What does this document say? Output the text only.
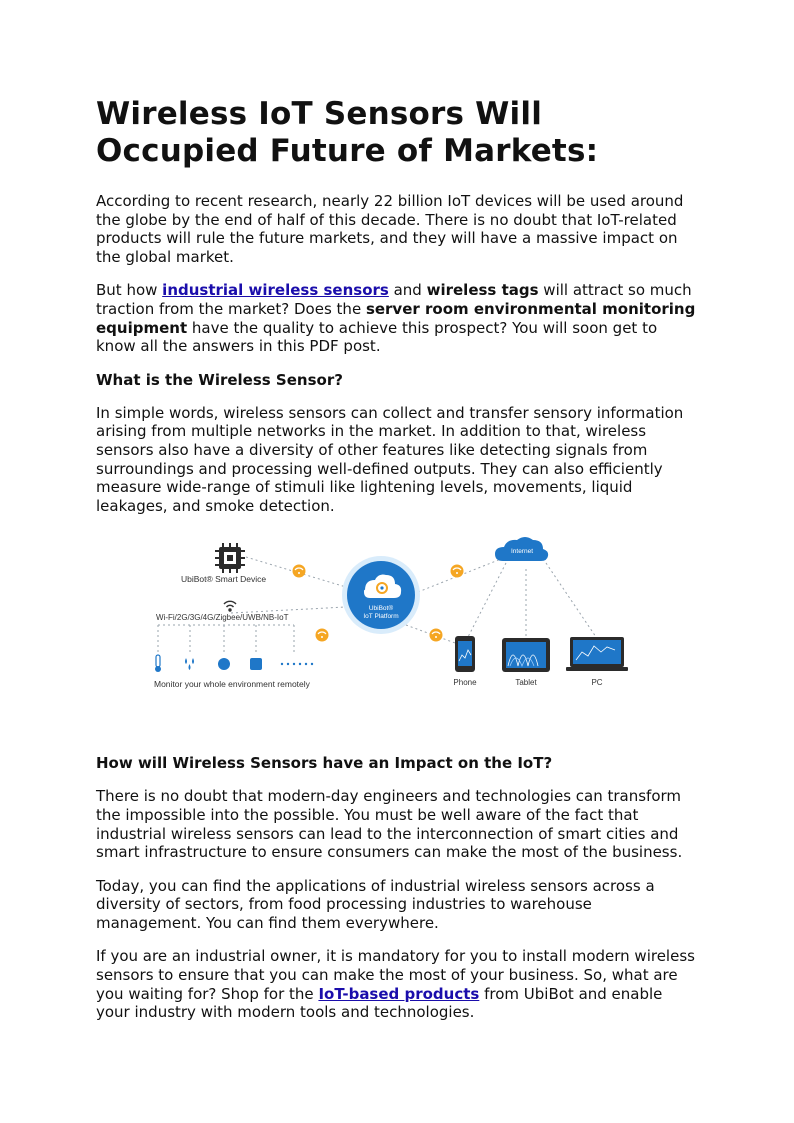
Wireless IoT Sensors Will Occupied Future of Markets:

According to recent research, nearly 22 billion IoT devices will be used around the globe by the end of half of this decade. There is no doubt that IoT-related products will rule the future markets, and they will have a massive impact on the global market.

But how industrial wireless sensors and wireless tags will attract so much traction from the market? Does the server room environmental monitoring equipment have the quality to achieve this prospect? You will soon get to know all the answers in this PDF post.

What is the Wireless Sensor?

In simple words, wireless sensors can collect and transfer sensory information arising from multiple networks in the market. In addition to that, wireless sensors also have a diversity of other features like detecting signals from surroundings and processing well-defined outputs. They can also efficiently measure wide-range of stimuli like lightening levels, movements, liquid leakages, and smoke detection.

UbiBot® Smart Device
Wi-Fi/2G/3G/4G/Zigbee/UWB/NB-IoT
Monitor your whole environment remotely
UbiBot®
IoT Platform
Internet
Phone	Tablet	PC
How will Wireless Sensors have an Impact on the IoT?

There is no doubt that modern-day engineers and technologies can transform the impossible into the possible. You must be well aware of the fact that industrial wireless sensors can lead to the interconnection of smart cities and smart infrastructure to ensure consumers can make the most of the business.

Today, you can find the applications of industrial wireless sensors across a diversity of sectors, from food processing industries to warehouse management. You can find them everywhere.

If you are an industrial owner, it is mandatory for you to install modern wireless sensors to ensure that you can make the most of your business. So, what are you waiting for? Shop for the IoT-based products from UbiBot and enable your industry with modern tools and technologies.
